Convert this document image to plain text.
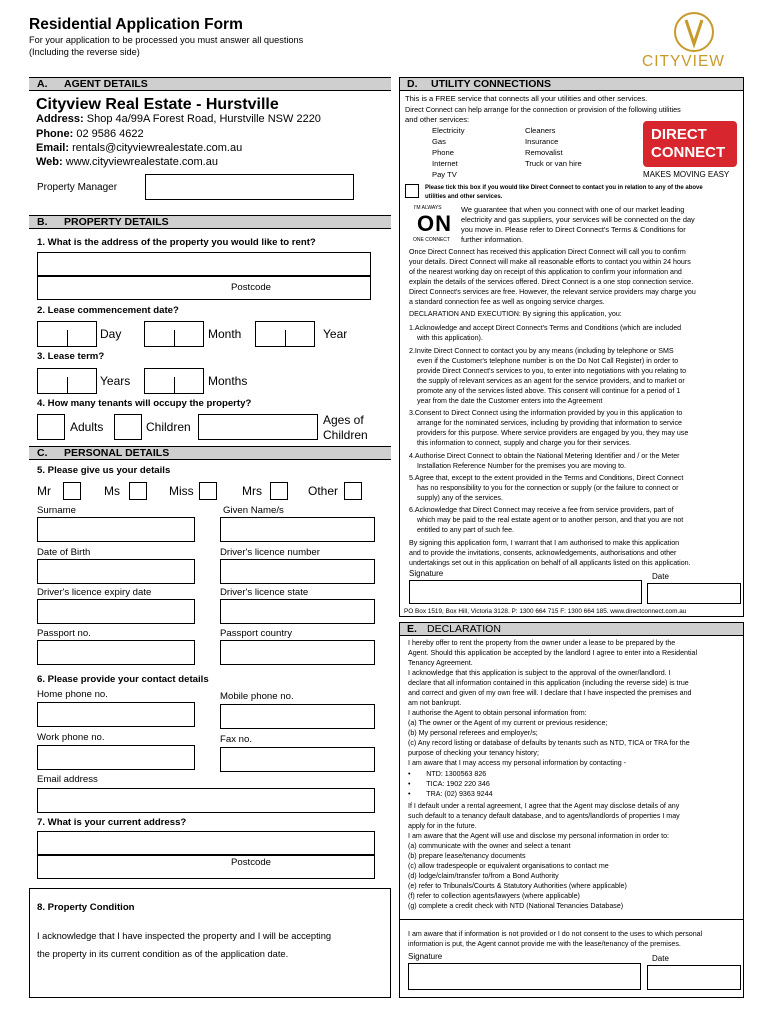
Residential Application Form
For your application to be processed you must answer all questions
(Including the reverse side)
CITYVIEW
A. AGENT DETAILS
Cityview Real Estate - Hurstville
Address: Shop 4a/99A Forest Road, Hurstville NSW 2220
Phone: 02 9586 4622
Email: rentals@cityviewrealestate.com.au
Web: www.cityviewrealestate.com.au
Property Manager
B. PROPERTY DETAILS
1. What is the address of the property you would like to rent?
Postcode
2. Lease commencement date?
Day	Month	Year
3. Lease term?
Years	Months
4. How many tenants will occupy the property?
Adults	Children	Ages of
Children
C. PERSONAL DETAILS
5. Please give us your details
Mr	Ms	Miss	Mrs	Other
Surname	Given Name/s
Date of Birth	Driver's licence number
Driver's licence expiry date	Driver's licence state
Passport no.	Passport country
6. Please provide your contact details
Home phone no.	Mobile phone no.
Work phone no.	Fax no.
Email address
7. What is your current address?
Postcode
8. Property Condition
I acknowledge that I have inspected the property and I will be accepting
the property in its current condition as of the application date.
D. UTILITY CONNECTIONS
This is a FREE service that connects all your utilities and other services.
Direct Connect can help arrange for the connection or provision of the following utilities
and other services:
Electricity
Gas
Phone
Internet
Pay TV
Cleaners
Insurance
Removalist
Truck or van hire
DIRECT
CONNECT
MAKES MOVING EASY
Please tick this box if you would like Direct Connect to contact you in relation to any of the above
utilities and other services.
I'M ALWAYS
ON
ONE CONNECT
We guarantee that when you connect with one of our market leading
electricity and gas suppliers, your services will be connected on the day
you move in. Please refer to Direct Connect's Terms & Conditions for
further information.
Once Direct Connect has received this application Direct Connect will call you to confirm
your details. Direct Connect will make all reasonable efforts to contact you within 24 hours
of the nearest working day on receipt of this application to confirm your information and
explain the details of the services offered. Direct Connect is a one stop connection service.
Direct Connect's services are free. However, the relevant service providers may charge you
a standard connection fee as well as ongoing service charges.
DECLARATION AND EXECUTION: By signing this application, you:
1.Acknowledge and accept Direct Connect's Terms and Conditions (which are included
with this application).
2.Invite Direct Connect to contact you by any means (including by telephone or SMS
even if the Customer's telephone number is on the Do Not Call Register) in order to
provide Direct Connect's services to you, to enter into negotiations with you relating to
the supply of relevant services as an agent for the service providers, and to market or
promote any of the services listed above. This consent will continue for a period of 1
year from the date the Customer enters into the Agreement
3.Consent to Direct Connect using the information provided by you in this application to
arrange for the nominated services, including by providing that information to service
providers for this purpose. Where service providers are engaged by you, they may use
this information to connect, supply and charge you for their services.
4.Authorise Direct Connect to obtain the National Metering Identifier and / or the Meter
Installation Reference Number for the premises you are moving to.
5.Agree that, except to the extent provided in the Terms and Conditions, Direct Connect
has no responsibility to you for the connection or supply (or the failure to connect or
supply) any of the services.
6.Acknowledge that Direct Connect may receive a fee from service providers, part of
which may be paid to the real estate agent or to another person, and that you are not
entitled to any part of such fee.
By signing this application form, I warrant that I am authorised to make this application
and to provide the invitations, consents, acknowledgements, authorisations and other
undertakings set out in this application on behalf of all applicants listed on this application.
Signature	Date
PO Box 1519, Box Hill, Victoria 3128. P: 1300 664 715 F: 1300 664 185. www.directconnect.com.au
E. DECLARATION
I hereby offer to rent the property from the owner under a lease to be prepared by the
Agent. Should this application be accepted by the landlord I agree to enter into a Residential
Tenancy Agreement.
I acknowledge that this application is subject to the approval of the owner/landlord. I
declare that all information contained in this application (including the reverse side) is true
and correct and given of my own free will. I declare that I have inspected the premises and
am not bankrupt.
I authorise the Agent to obtain personal information from:
(a) The owner or the Agent of my current or previous residence;
(b) My personal referees and employer/s;
(c) Any record listing or database of defaults by tenants such as NTD, TICA or TRA for the
purpose of checking your tenancy history;
I am aware that I may access my personal information by contacting -
•        NTD: 1300563 826
•        TICA: 1902 220 346
•        TRA: (02) 9363 9244
If I default under a rental agreement, I agree that the Agent may disclose details of any
such default to a tenancy default database, and to agents/landlords of properties I may
apply for in the future.
I am aware that the Agent will use and disclose my personal information in order to:
(a) communicate with the owner and select a tenant
(b) prepare lease/tenancy documents
(c) allow tradespeople or equivalent organisations to contact me
(d) lodge/claim/transfer to/from a Bond Authority
(e) refer to Tribunals/Courts & Statutory Authorities (where applicable)
(f) refer to collection agents/lawyers (where applicable)
(g) complete a credit check with NTD (National Tenancies Database)
I am aware that if information is not provided or I do not consent to the uses to which personal
information is put, the Agent cannot provide me with the lease/tenancy of the premises.
Signature	Date
